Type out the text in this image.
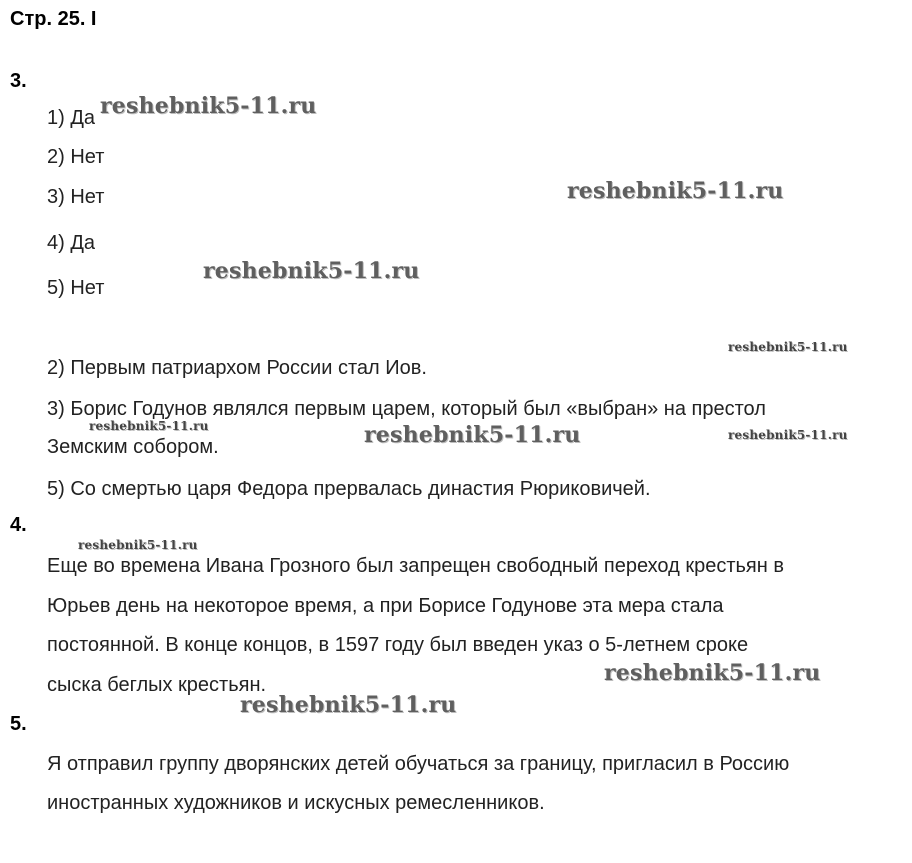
Стр. 25. I
3.
1) Да
2) Нет
3) Нет
4) Да
5) Нет
2) Первым патриархом России стал Иов.
3) Борис Годунов являлся первым царем, который был «выбран» на престол
Земским собором.
5) Со смертью царя Федора прервалась династия Рюриковичей.
4.
Еще во времена Ивана Грозного был запрещен свободный переход крестьян в
Юрьев день на некоторое время, а при Борисе Годунове эта мера стала
постоянной. В конце концов, в 1597 году был введен указ о 5-летнем сроке
сыска беглых крестьян.
5.
Я отправил группу дворянских детей обучаться за границу, пригласил в Россию
иностранных художников и искусных ремесленников.
reshebnik5-11.ru
reshebnik5-11.ru
reshebnik5-11.ru
reshebnik5-11.ru
reshebnik5-11.ru	reshebnik5-11.ru	reshebnik5-11.ru
reshebnik5-11.ru
reshebnik5-11.ru
reshebnik5-11.ru
